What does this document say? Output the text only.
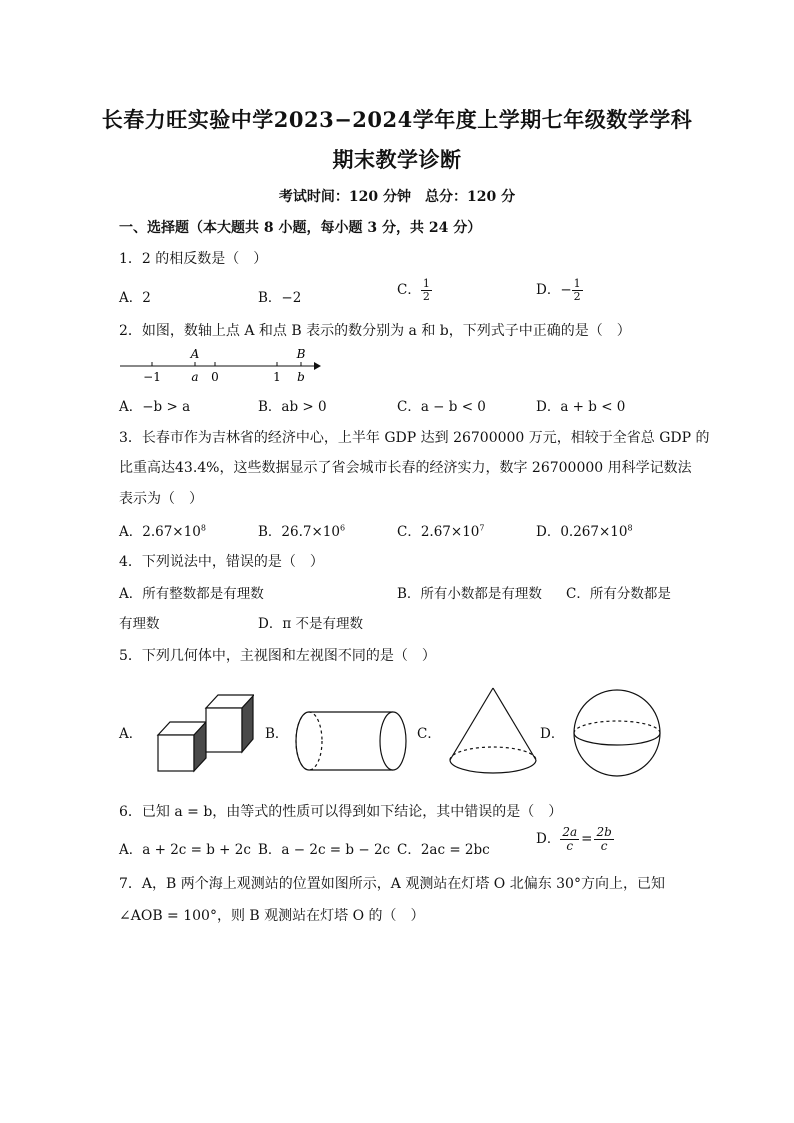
长春力旺实验中学2023−2024学年度上学期七年级数学学科
期末教学诊断
考试时间：120 分钟　总分：120 分
一、选择题（本大题共 8 小题，每小题 3 分，共 24 分）
1．2 的相反数是（　）
A．2	B．−2	C． $\frac{1}{2}$	D．− $\frac{1}{2}$
2．如图，数轴上点 A 和点 B 表示的数分别为 a 和 b，下列式子中正确的是（　）
A	B
−1	a 0	1 b
A．−b > a	B．ab > 0	C．a − b < 0	D．a + b < 0
3．长春市作为吉林省的经济中心，上半年 GDP 达到 26700000 万元，相较于全省总 GDP 的
比重高达43.4%，这些数据显示了省会城市长春的经济实力，数字 26700000 用科学记数法
表示为（　）
A．$2.67\times 10^8$	B．$26.7\times 10^6$	C．$2.67\times 10^7$	D．$0.267\times 10^8$
4．下列说法中，错误的是（　）
A．所有整数都是有理数	B．所有小数都是有理数 C．所有分数都是
有理数	D．π 不是有理数
5．下列几何体中，主视图和左视图不同的是（　）
A．	B．	C．	D．
6．已知 a = b，由等式的性质可以得到如下结论，其中错误的是（　）
A．a + 2c = b + 2c B．a − 2c = b − 2c C．2ac = 2bc
D． $\frac{2a}{c} = \frac{2b}{c}$
7．A，B 两个海上观测站的位置如图所示，A 观测站在灯塔 O 北偏东 30°方向上，已知
∠AOB = 100°，则 B 观测站在灯塔 O 的（　）
